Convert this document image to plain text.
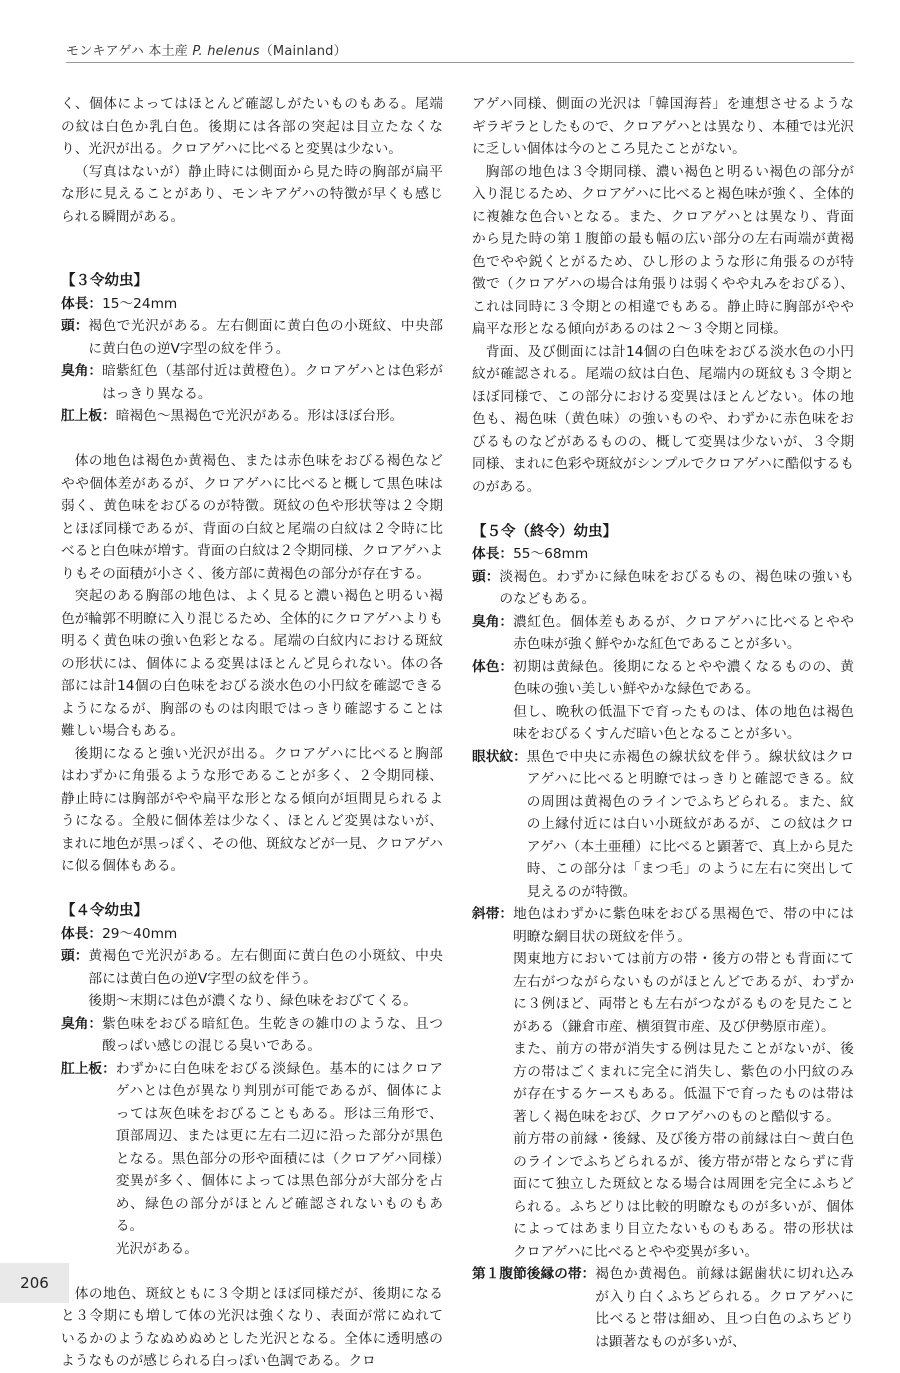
モンキアゲハ 本土産 P. helenus（Mainland）

く、個体によってはほとんど確認しがたいものもある。尾端の紋は白色か乳白色。後期には各部の突起は目立たなくなり、光沢が出る。クロアゲハに比べると変異は少ない。

（写真はないが）静止時には側面から見た時の胸部が扁平な形に見えることがあり、モンキアゲハの特徴が早くも感じられる瞬間がある。

【３令幼虫】
体長： 15〜24mm

頭： 褐色で光沢がある。左右側面に黄白色の小斑紋、中央部に黄白色の逆V字型の紋を伴う。

臭角： 暗紫紅色（基部付近は黄橙色）。クロアゲハとは色彩がはっきり異なる。

肛上板： 暗褐色〜黒褐色で光沢がある。形はほぼ台形。

体の地色は褐色か黄褐色、または赤色味をおびる褐色などやや個体差があるが、クロアゲハに比べると概して黒色味は弱く、黄色味をおびるのが特徴。斑紋の色や形状等は２令期とほぼ同様であるが、背面の白紋と尾端の白紋は２令時に比べると白色味が増す。背面の白紋は２令期同様、クロアゲハよりもその面積が小さく、後方部に黄褐色の部分が存在する。

突起のある胸部の地色は、よく見ると濃い褐色と明るい褐色が輪郭不明瞭に入り混じるため、全体的にクロアゲハよりも明るく黄色味の強い色彩となる。尾端の白紋内における斑紋の形状には、個体による変異はほとんど見られない。体の各部には計14個の白色味をおびる淡水色の小円紋を確認できるようになるが、胸部のものは肉眼ではっきり確認することは難しい場合もある。

後期になると強い光沢が出る。クロアゲハに比べると胸部はわずかに角張るような形であることが多く、２令期同様、静止時には胸部がやや扁平な形となる傾向が垣間見られるようになる。全般に個体差は少なく、ほとんど変異はないが、まれに地色が黒っぽく、その他、斑紋などが一見、クロアゲハに似る個体もある。

【４令幼虫】
体長： 29〜40mm

頭： 黄褐色で光沢がある。左右側面に黄白色の小斑紋、中央部には黄白色の逆V字型の紋を伴う。

後期〜末期には色が濃くなり、緑色味をおびてくる。

臭角： 紫色味をおびる暗紅色。生乾きの雑巾のような、且つ酸っぱい感じの混じる臭いである。

肛上板： わずかに白色味をおびる淡緑色。基本的にはクロアゲハとは色が異なり判別が可能であるが、個体によっては灰色味をおびることもある。形は三角形で、頂部周辺、または更に左右二辺に沿った部分が黒色となる。黒色部分の形や面積には（クロアゲハ同様）変異が多く、個体によっては黒色部分が大部分を占め、緑色の部分がほとんど確認されないものもある。

光沢がある。

体の地色、斑紋ともに３令期とほぼ同様だが、後期になると３令期にも増して体の光沢は強くなり、表面が常にぬれているかのようなぬめぬめとした光沢となる。全体に透明感のようなものが感じられる白っぽい色調である。クロ

アゲハ同様、側面の光沢は「韓国海苔」を連想させるようなギラギラとしたもので、クロアゲハとは異なり、本種では光沢に乏しい個体は今のところ見たことがない。

胸部の地色は３令期同様、濃い褐色と明るい褐色の部分が入り混じるため、クロアゲハに比べると褐色味が強く、全体的に複雑な色合いとなる。また、クロアゲハとは異なり、背面から見た時の第１腹節の最も幅の広い部分の左右両端が黄褐色でやや鋭くとがるため、ひし形のような形に角張るのが特徴で（クロアゲハの場合は角張りは弱くやや丸みをおびる）、これは同時に３令期との相違でもある。静止時に胸部がやや扁平な形となる傾向があるのは２〜３令期と同様。

背面、及び側面には計14個の白色味をおびる淡水色の小円紋が確認される。尾端の紋は白色、尾端内の斑紋も３令期とほぼ同様で、この部分における変異はほとんどない。体の地色も、褐色味（黄色味）の強いものや、わずかに赤色味をおびるものなどがあるものの、概して変異は少ないが、３令期同様、まれに色彩や斑紋がシンプルでクロアゲハに酷似するものがある。

【５令（終令）幼虫】
体長： 55〜68mm

頭： 淡褐色。わずかに緑色味をおびるもの、褐色味の強いものなどもある。

臭角： 濃紅色。個体差もあるが、クロアゲハに比べるとやや赤色味が強く鮮やかな紅色であることが多い。

体色： 初期は黄緑色。後期になるとやや濃くなるものの、黄色味の強い美しい鮮やかな緑色である。

但し、晩秋の低温下で育ったものは、体の地色は褐色味をおびるくすんだ暗い色となることが多い。

眼状紋： 黒色で中央に赤褐色の線状紋を伴う。線状紋はクロアゲハに比べると明瞭ではっきりと確認できる。紋の周囲は黄褐色のラインでふちどられる。また、紋の上縁付近には白い小斑紋があるが、この紋はクロアゲハ（本土亜種）に比べると顕著で、真上から見た時、この部分は「まつ毛」のように左右に突出して見えるのが特徴。

斜帯： 地色はわずかに紫色味をおびる黒褐色で、帯の中には明瞭な網目状の斑紋を伴う。

関東地方においては前方の帯・後方の帯とも背面にて左右がつながらないものがほとんどであるが、わずかに３例ほど、両帯とも左右がつながるものを見たことがある（鎌倉市産、横須賀市産、及び伊勢原市産）。

また、前方の帯が消失する例は見たことがないが、後方の帯はごくまれに完全に消失し、紫色の小円紋のみが存在するケースもある。低温下で育ったものは帯は著しく褐色味をおび、クロアゲハのものと酷似する。

前方帯の前縁・後縁、及び後方帯の前縁は白〜黄白色のラインでふちどられるが、後方帯が帯とならずに背面にて独立した斑紋となる場合は周囲を完全にふちどられる。ふちどりは比較的明瞭なものが多いが、個体によってはあまり目立たないものもある。帯の形状はクロアゲハに比べるとやや変異が多い。

第１腹節後縁の帯： 褐色か黄褐色。前縁は鋸歯状に切れ込みが入り白くふちどられる。クロアゲハに比べると帯は細め、且つ白色のふちどりは顕著なものが多いが、

206
